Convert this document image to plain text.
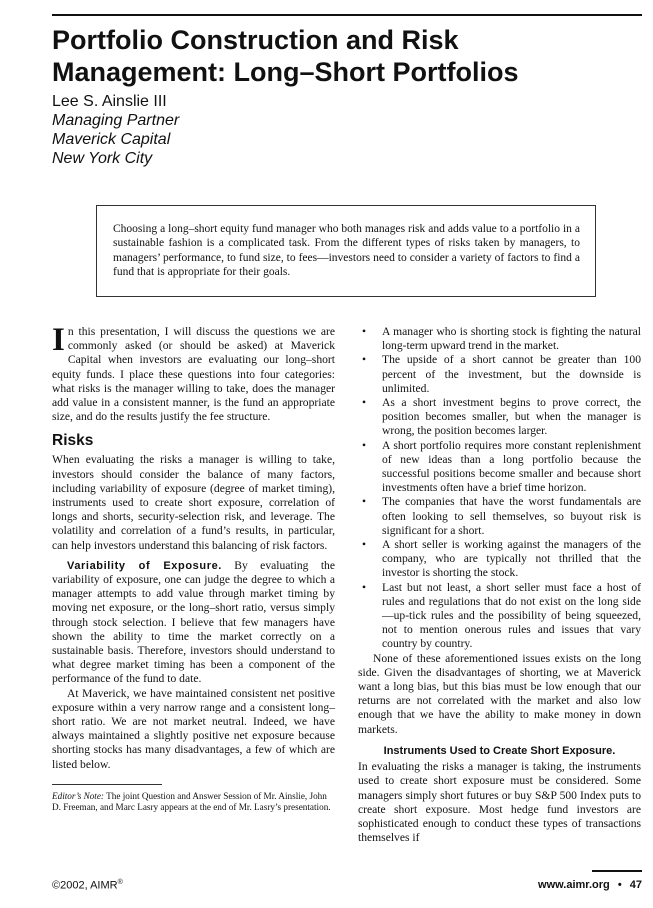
Portfolio Construction and Risk
Management: Long–Short Portfolios
Lee S. Ainslie III
Managing Partner
Maverick Capital
New York City
Choosing a long–short equity fund manager who both manages risk and adds value to a portfolio in a sustainable fashion is a complicated task. From the different types of risks taken by managers, to managers’ performance, to fund size, to fees—investors need to consider a variety of factors to find a fund that is appropriate for their goals.

In this presentation, I will discuss the questions we are commonly asked (or should be asked) at Maverick Capital when investors are evaluating our long–short equity funds. I place these questions into four categories: what risks is the manager willing to take, does the manager add value in a consistent manner, is the fund an appropriate size, and do the results justify the fee structure.

Risks

When evaluating the risks a manager is willing to take, investors should consider the balance of many factors, including variability of exposure (degree of market timing), instruments used to create short exposure, correlation of longs and shorts, security-selection risk, and leverage. The volatility and correlation of a fund’s results, in particular, can help investors understand this balancing of risk factors.

Variability of Exposure. By evaluating the variability of exposure, one can judge the degree to which a manager attempts to add value through market timing by moving net exposure, or the long–short ratio, versus simply through stock selection. I believe that few managers have shown the ability to time the market correctly on a sustainable basis. Therefore, investors should understand to what degree market timing has been a component of the performance of the fund to date.

At Maverick, we have maintained consistent net positive exposure within a very narrow range and a consistent long–short ratio. We are not market neutral. Indeed, we have always maintained a slightly positive net exposure because shorting stocks has many disadvantages, a few of which are listed below.

Editor’s Note: The joint Question and Answer Session of Mr. Ainslie, John D. Freeman, and Marc Lasry appears at the end of Mr. Lasry’s presentation.
• A manager who is shorting stock is fighting the natural long-term upward trend in the market.
• The upside of a short cannot be greater than 100 percent of the investment, but the downside is unlimited.
• As a short investment begins to prove correct, the position becomes smaller, but when the manager is wrong, the position becomes larger.
• A short portfolio requires more constant replenishment of new ideas than a long portfolio because the successful positions become smaller and because short investments often have a brief time horizon.
• The companies that have the worst fundamentals are often looking to sell themselves, so buyout risk is significant for a short.
• A short seller is working against the managers of the company, who are typically not thrilled that the investor is shorting the stock.
• Last but not least, a short seller must face a host of rules and regulations that do not exist on the long side—up-tick rules and the possibility of being squeezed, not to mention onerous rules and issues that vary country by country.

None of these aforementioned issues exists on the long side. Given the disadvantages of shorting, we at Maverick want a long bias, but this bias must be low enough that our returns are not correlated with the market and also low enough that we have the ability to make money in down markets.

Instruments Used to Create Short Exposure.

In evaluating the risks a manager is taking, the instruments used to create short exposure must be considered. Some managers simply short futures or buy S&P 500 Index puts to create short exposure. Most hedge fund investors are sophisticated enough to conduct these types of transactions themselves if

©2002, AIMR®	www.aimr.org • 47
